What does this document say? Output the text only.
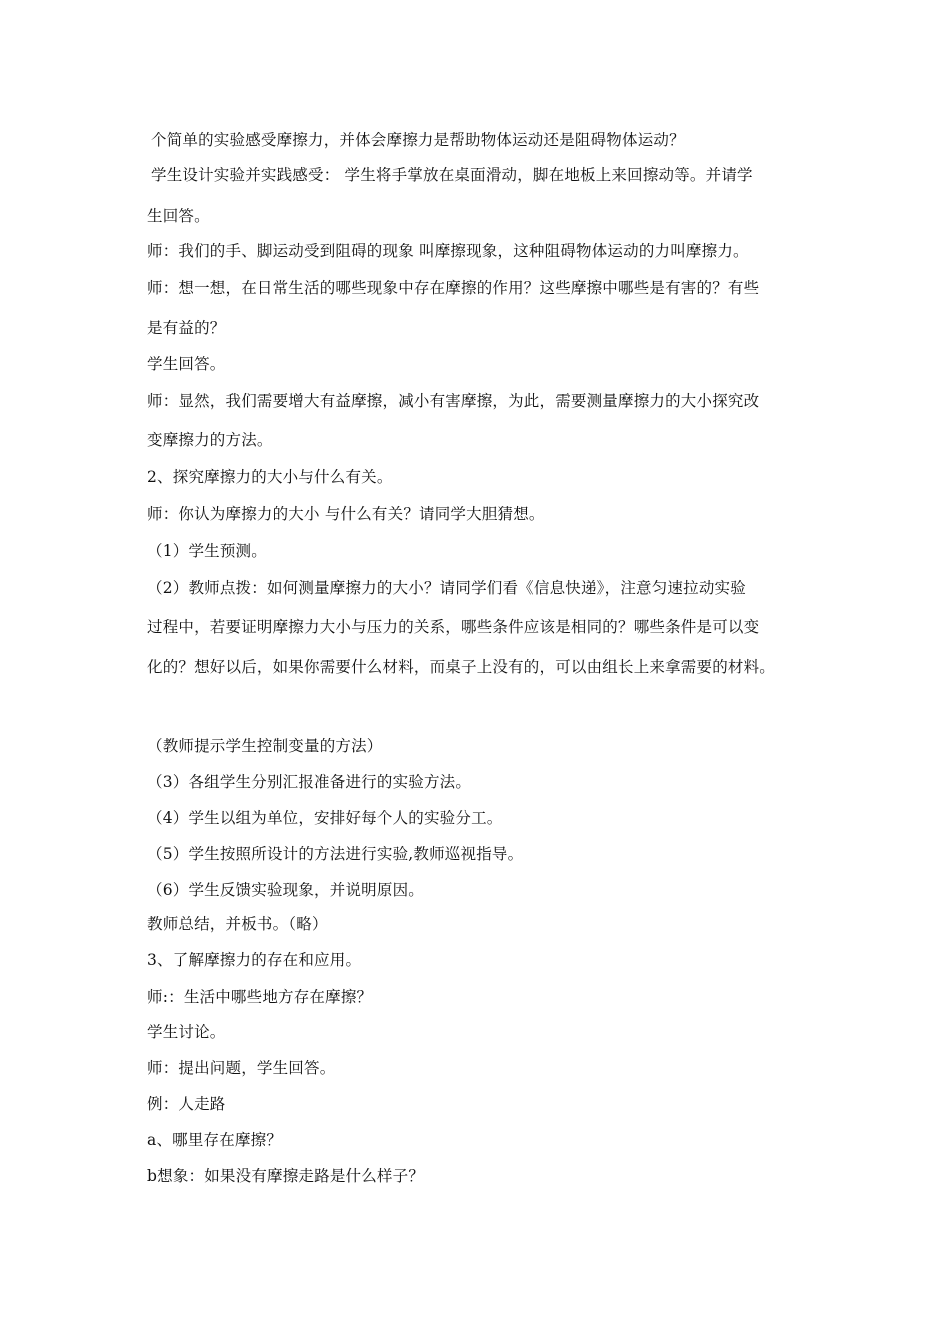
个简单的实验感受摩擦力，并体会摩擦力是帮助物体运动还是阻碍物体运动？
学生设计实验并实践感受： 学生将手掌放在桌面滑动，脚在地板上来回擦动等。并请学
生回答。
师：我们的手、脚运动受到阻碍的现象 叫摩擦现象，这种阻碍物体运动的力叫摩擦力。
师：想一想，在日常生活的哪些现象中存在摩擦的作用？这些摩擦中哪些是有害的？有些
是有益的？
学生回答。
师：显然，我们需要增大有益摩擦，减小有害摩擦，为此，需要测量摩擦力的大小探究改
变摩擦力的方法。
2、探究摩擦力的大小与什么有关。
师：你认为摩擦力的大小 与什么有关？请同学大胆猜想。
（1）学生预测。
（2）教师点拨：如何测量摩擦力的大小？请同学们看《信息快递》，注意匀速拉动实验
过程中，若要证明摩擦力大小与压力的关系，哪些条件应该是相同的？哪些条件是可以变
化的？想好以后，如果你需要什么材料，而桌子上没有的，可以由组长上来拿需要的材料。
（教师提示学生控制变量的方法）
（3）各组学生分别汇报准备进行的实验方法。
（4）学生以组为单位，安排好每个人的实验分工。
（5）学生按照所设计的方法进行实验,教师巡视指导。
（6）学生反馈实验现象，并说明原因。
教师总结，并板书。（略）
3、了解摩擦力的存在和应用。
师:：生活中哪些地方存在摩擦？
学生讨论。
师：提出问题，学生回答。
例：人走路
a、哪里存在摩擦？
b想象：如果没有摩擦走路是什么样子？
